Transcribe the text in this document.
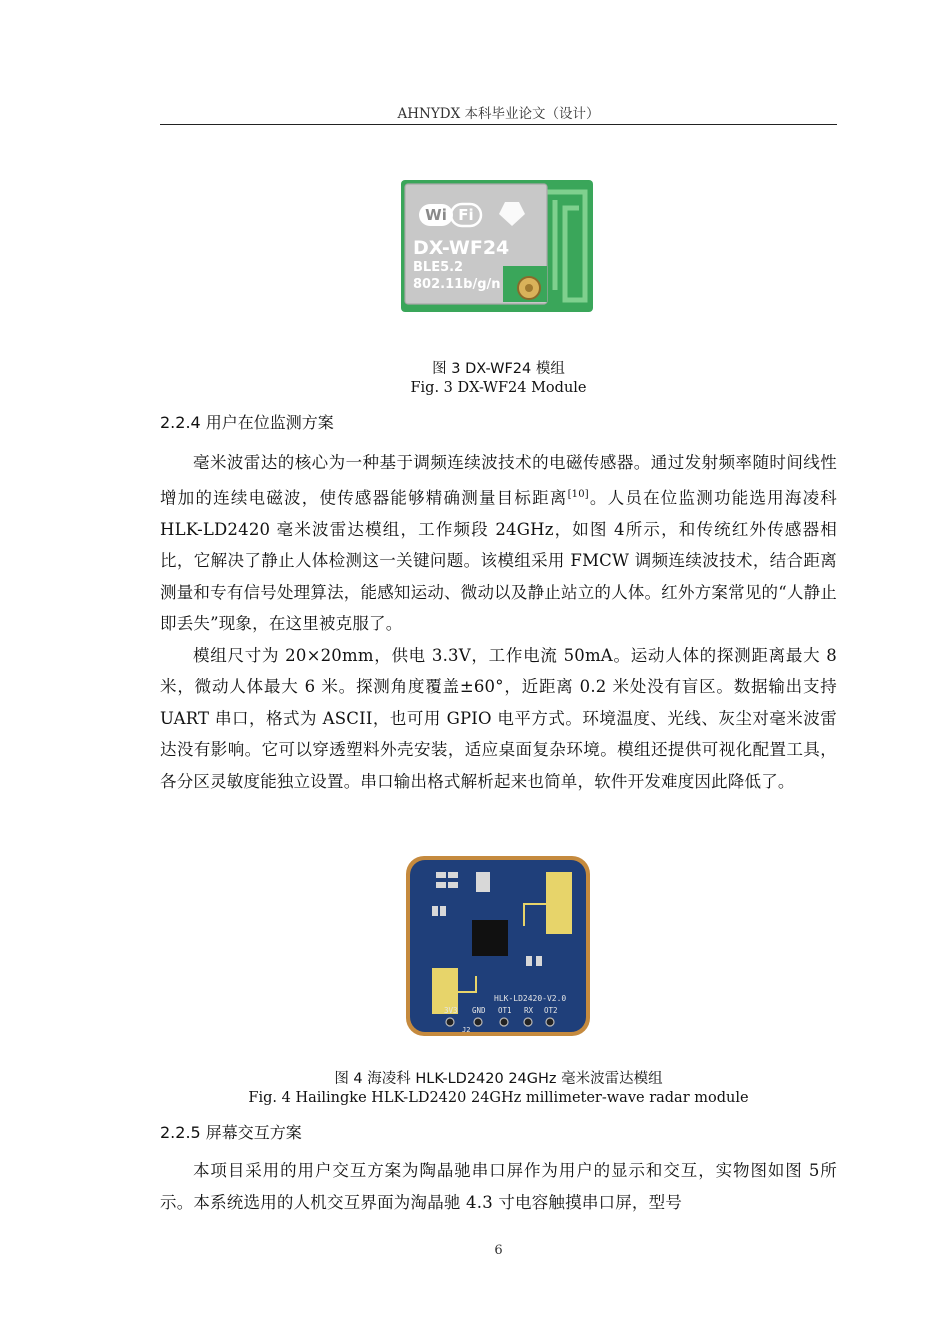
AHNYDX 本科毕业论文（设计）
Wi Fi
DX-WF24
BLE5.2
802.11b/g/n
图 3 DX-WF24 模组
Fig. 3 DX-WF24 Module
2.2.4 用户在位监测方案

毫米波雷达的核心为一种基于调频连续波技术的电磁传感器。通过发射频率随时间线性增加的连续电磁波，使传感器能够精确测量目标距离[10]。人员在位监测功能选用海凌科 HLK-LD2420 毫米波雷达模组，工作频段 24GHz，如图 4所示，和传统红外传感器相比，它解决了静止人体检测这一关键问题。该模组采用 FMCW 调频连续波技术，结合距离测量和专有信号处理算法，能感知运动、微动以及静止站立的人体。红外方案常见的“人静止即丢失”现象，在这里被克服了。

模组尺寸为 20×20mm，供电 3.3V，工作电流 50mA。运动人体的探测距离最大 8 米，微动人体最大 6 米。探测角度覆盖±60°，近距离 0.2 米处没有盲区。数据输出支持 UART 串口，格式为 ASCII，也可用 GPIO 电平方式。环境温度、光线、灰尘对毫米波雷达没有影响。它可以穿透塑料外壳安装，适应桌面复杂环境。模组还提供可视化配置工具，各分区灵敏度能独立设置。串口输出格式解析起来也简单，软件开发难度因此降低了。

HLK-LD2420-V2.0
3V3 GND OT1 RX OT2
J2
图 4 海凌科 HLK-LD2420 24GHz 毫米波雷达模组
Fig. 4 Hailingke HLK-LD2420 24GHz millimeter-wave radar module
2.2.5 屏幕交互方案

本项目采用的用户交互方案为陶晶驰串口屏作为用户的显示和交互，实物图如图 5所示。本系统选用的人机交互界面为淘晶驰 4.3 寸电容触摸串口屏，型号

6
